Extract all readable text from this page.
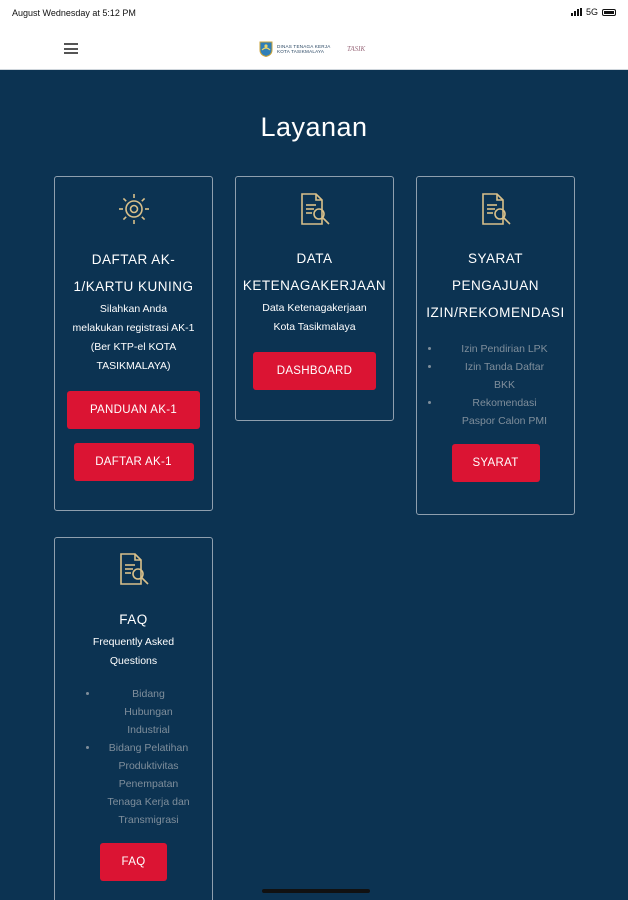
August Wednesday at 5:12 PM	5G
DINAS TENAGA KERJA
KOTA TASIKMALAYA	TASIK
Layanan
DAFTAR AK-
1/KARTU KUNING
Silahkan Anda
melakukan registrasi AK-1
(Ber KTP-el KOTA
TASIKMALAYA)
PANDUAN AK-1
DAFTAR AK-1
DATA
KETENAGAKERJAAN
Data Ketenagakerjaan
Kota Tasikmalaya
DASHBOARD
SYARAT
PENGAJUAN
IZIN/REKOMENDASI
• Izin Pendirian LPK
• Izin Tanda Daftar
BKK
• Rekomendasi
Paspor Calon PMI
SYARAT
FAQ
Frequently Asked
Questions
• Bidang
Hubungan
Industrial
• Bidang Pelatihan
Produktivitas
Penempatan
Tenaga Kerja dan
Transmigrasi
FAQ
